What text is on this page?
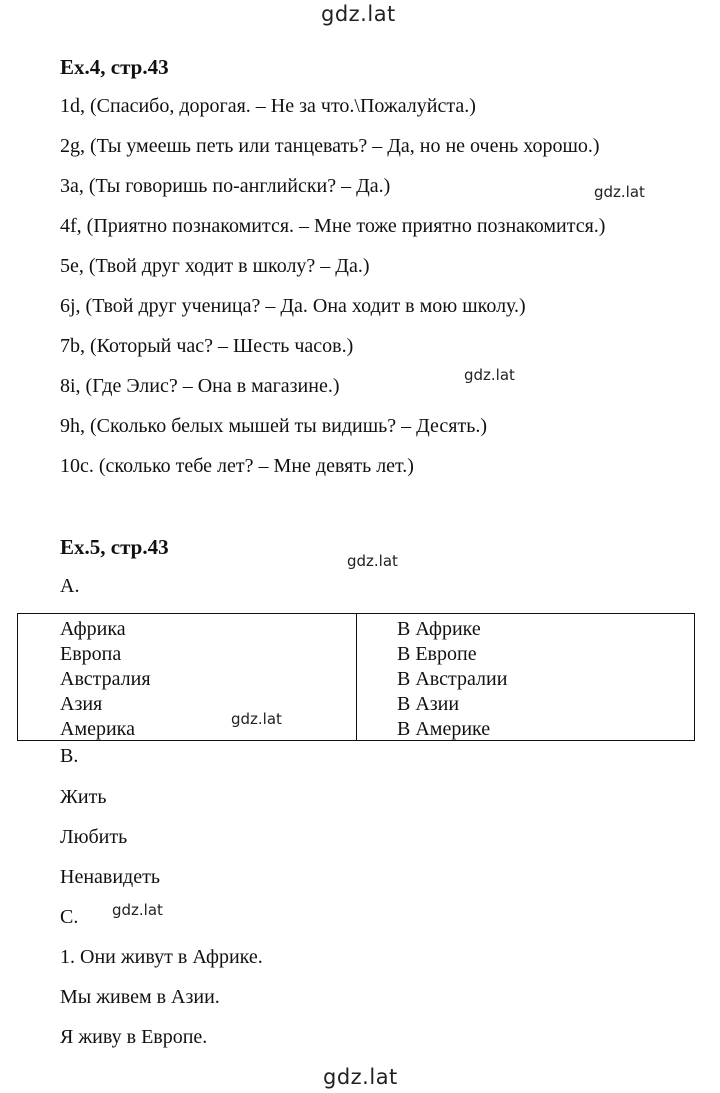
gdz.lat
gdz.lat
gdz.lat
gdz.lat
gdz.lat
gdz.lat
gdz.lat
Ex.4, стр.43
1d, (Спасибо, дорогая. – Не за что.\Пожалуйста.)
2g, (Ты умеешь петь или танцевать? – Да, но не очень хорошо.)
3a, (Ты говоришь по-английски? – Да.)
4f, (Приятно познакомится. – Мне тоже приятно познакомится.)
5e, (Твой друг ходит в школу? – Да.)
6j, (Твой друг ученица? – Да. Она ходит в мою школу.)
7b, (Который час? – Шесть часов.)
8i, (Где Элис? – Она в магазине.)
9h, (Сколько белых мышей ты видишь? – Десять.)
10c. (сколько тебе лет? – Мне девять лет.)
Ex.5, стр.43
A.
Африка
Европа
Австралия
Азия
Америка
В Африке
В Европе
В Австралии
В Азии
В Америке
B.
Жить
Любить
Ненавидеть
C.
1. Они живут в Африке.
Мы живем в Азии.
Я живу в Европе.
